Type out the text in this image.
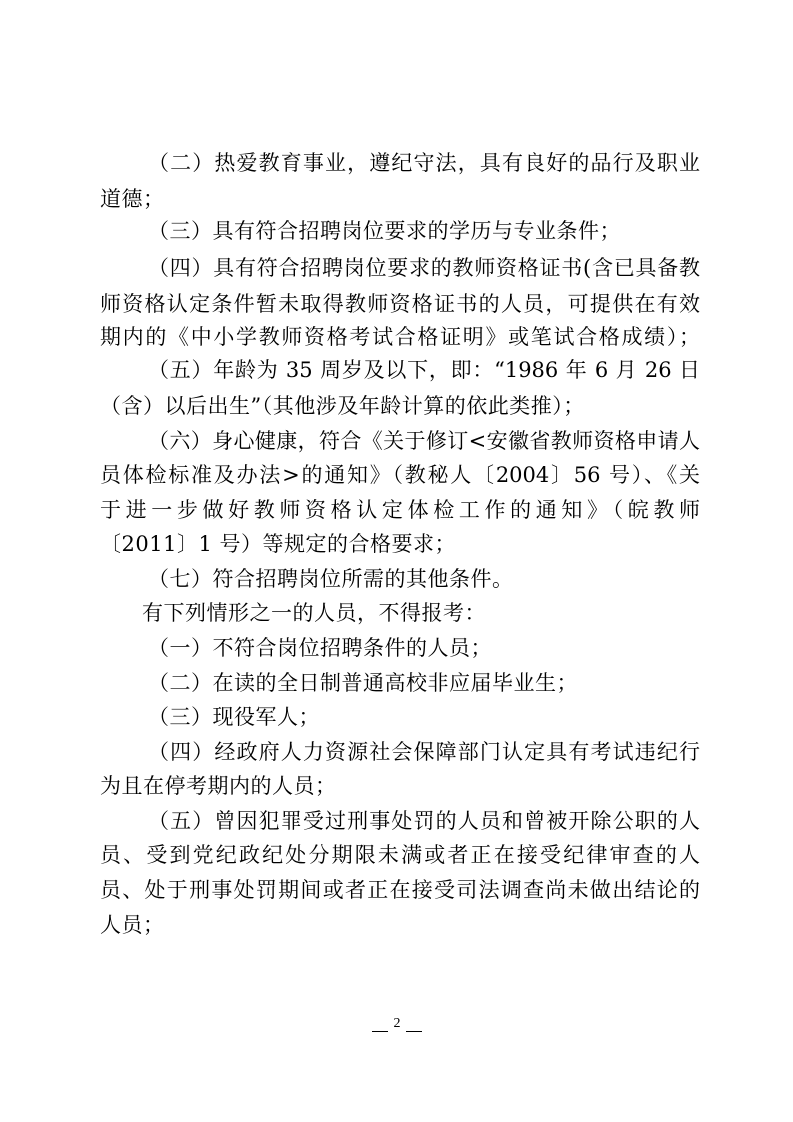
（二）热爱教育事业，遵纪守法，具有良好的品行及职业
道德；
（三）具有符合招聘岗位要求的学历与专业条件；
（四）具有符合招聘岗位要求的教师资格证书(含已具备教
师资格认定条件暂未取得教师资格证书的人员，可提供在有效
期内的《中小学教师资格考试合格证明》或笔试合格成绩）；
（五）年龄为 35 周岁及以下，即：“1986 年 6 月 26 日
（含）以后出生”（其他涉及年龄计算的依此类推）；
（六）身心健康，符合《关于修订<安徽省教师资格申请人
员体检标准及办法>的通知》（教秘人〔2004〕56 号）、《关
于进一步做好教师资格认定体检工作的通知》（皖教师
〔2011〕1 号）等规定的合格要求；
（七）符合招聘岗位所需的其他条件。
有下列情形之一的人员，不得报考：
（一）不符合岗位招聘条件的人员；
（二）在读的全日制普通高校非应届毕业生；
（三）现役军人；
（四）经政府人力资源社会保障部门认定具有考试违纪行
为且在停考期内的人员；
（五）曾因犯罪受过刑事处罚的人员和曾被开除公职的人
员、受到党纪政纪处分期限未满或者正在接受纪律审查的人
员、处于刑事处罚期间或者正在接受司法调查尚未做出结论的
人员；
2
